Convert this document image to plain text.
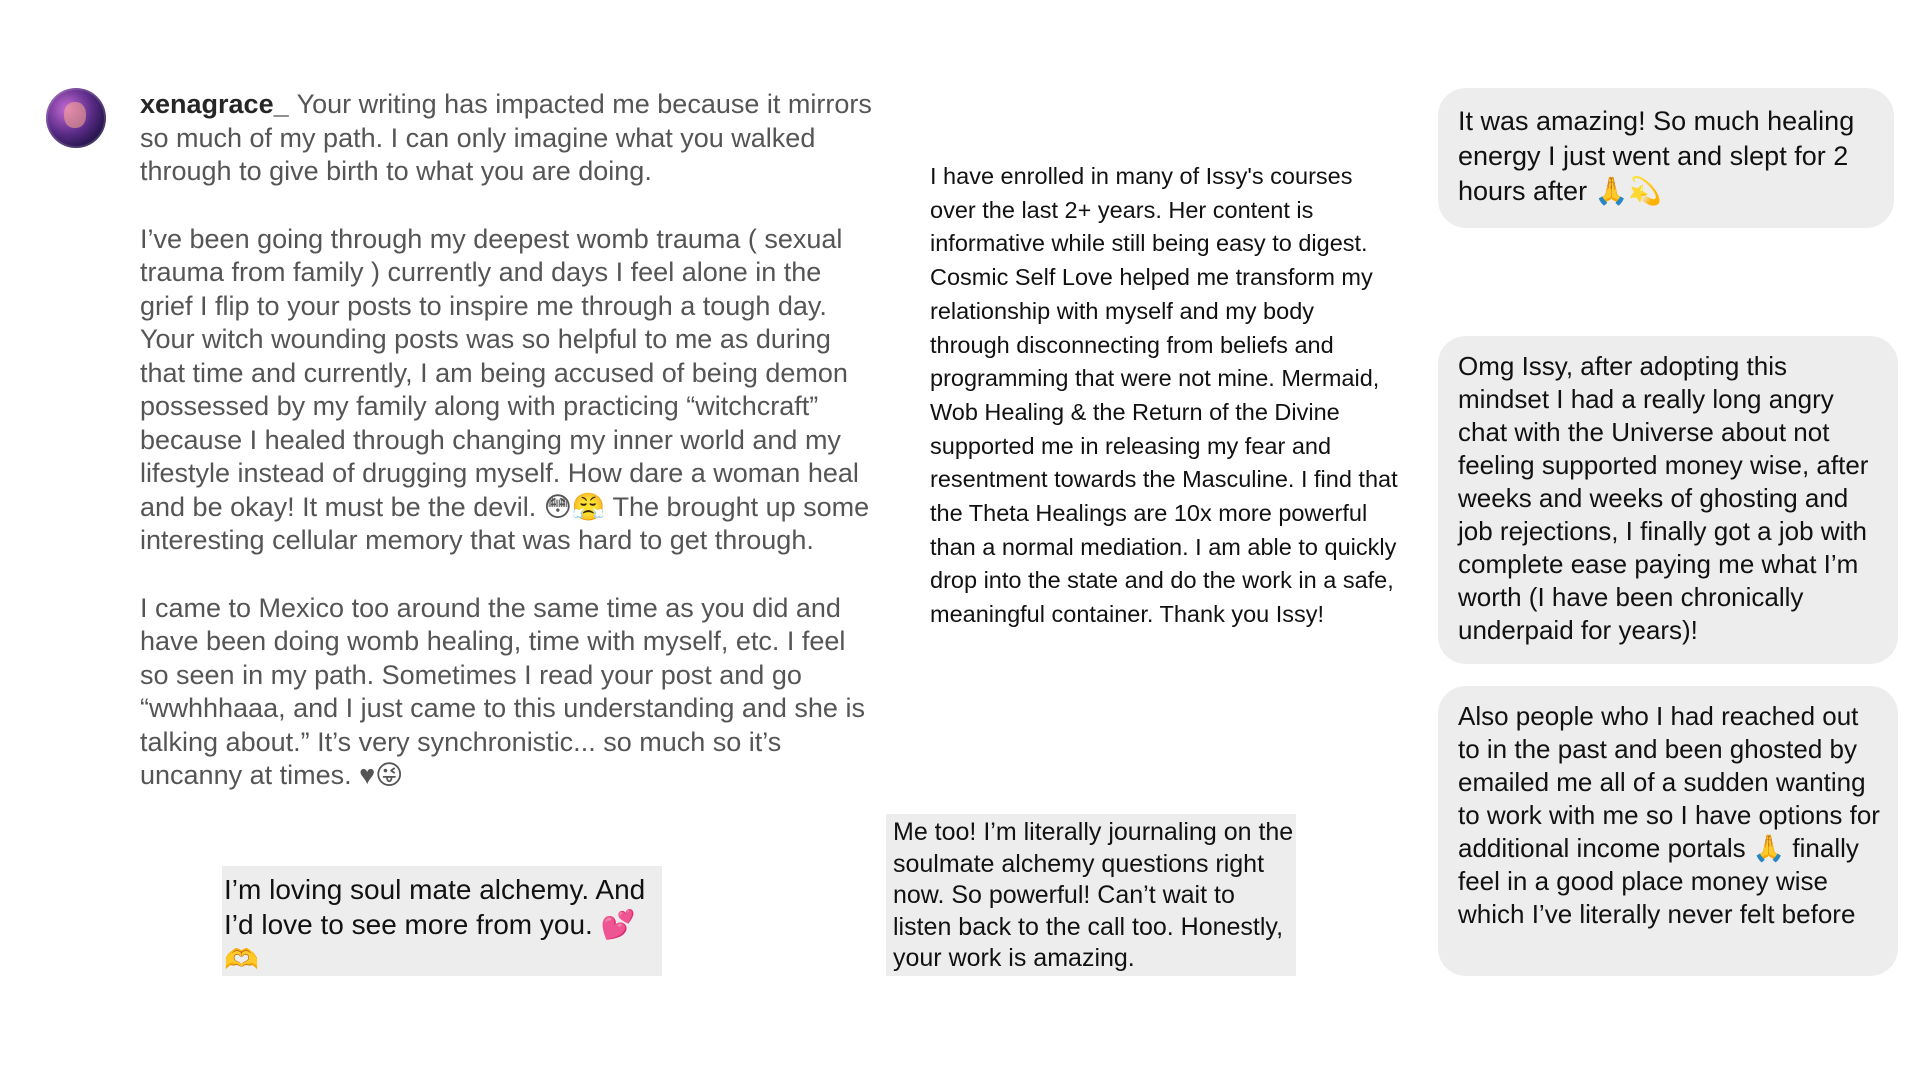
xenagrace_ Your writing has impacted me because it mirrors so much of my path. I can only imagine what you walked through to give birth to what you are doing.

I’ve been going through my deepest womb trauma ( sexual trauma from family ) currently and days I feel alone in the grief I flip to your posts to inspire me through a tough day. Your witch wounding posts was so helpful to me as during that time and currently, I am being accused of being demon possessed by my family along with practicing “witchcraft” because I healed through changing my inner world and my lifestyle instead of drugging myself. How dare a woman heal and be okay! It must be the devil. 😳😤 The brought up some interesting cellular memory that was hard to get through.

I came to Mexico too around the same time as you did and have been doing womb healing, time with myself, etc. I feel so seen in my path. Sometimes I read your post and go “wwhhhaaa, and I just came to this understanding and she is talking about.” It’s very synchronistic... so much so it’s uncanny at times. ♥😜

I have enrolled in many of Issy's courses over the last 2+ years. Her content is informative while still being easy to digest. Cosmic Self Love helped me transform my relationship with myself and my body through disconnecting from beliefs and programming that were not mine. Mermaid, Wob Healing & the Return of the Divine supported me in releasing my fear and resentment towards the Masculine. I find that the Theta Healings are 10x more powerful than a normal mediation. I am able to quickly drop into the state and do the work in a safe, meaningful container. Thank you Issy!
I’m loving soul mate alchemy. And I’d love to see more from you. 💕🫶
Me too! I’m literally journaling on the soulmate alchemy questions right now. So powerful! Can’t wait to listen back to the call too. Honestly, your work is amazing.
It was amazing! So much healing energy I just went and slept for 2 hours after 🙏💫
Omg Issy, after adopting this mindset I had a really long angry chat with the Universe about not feeling supported money wise, after weeks and weeks of ghosting and job rejections, I finally got a job with complete ease paying me what I’m worth (I have been chronically underpaid for years)!
Also people who I had reached out to in the past and been ghosted by emailed me all of a sudden wanting to work with me so I have options for additional income portals 🙏 finally feel in a good place money wise which I’ve literally never felt before
